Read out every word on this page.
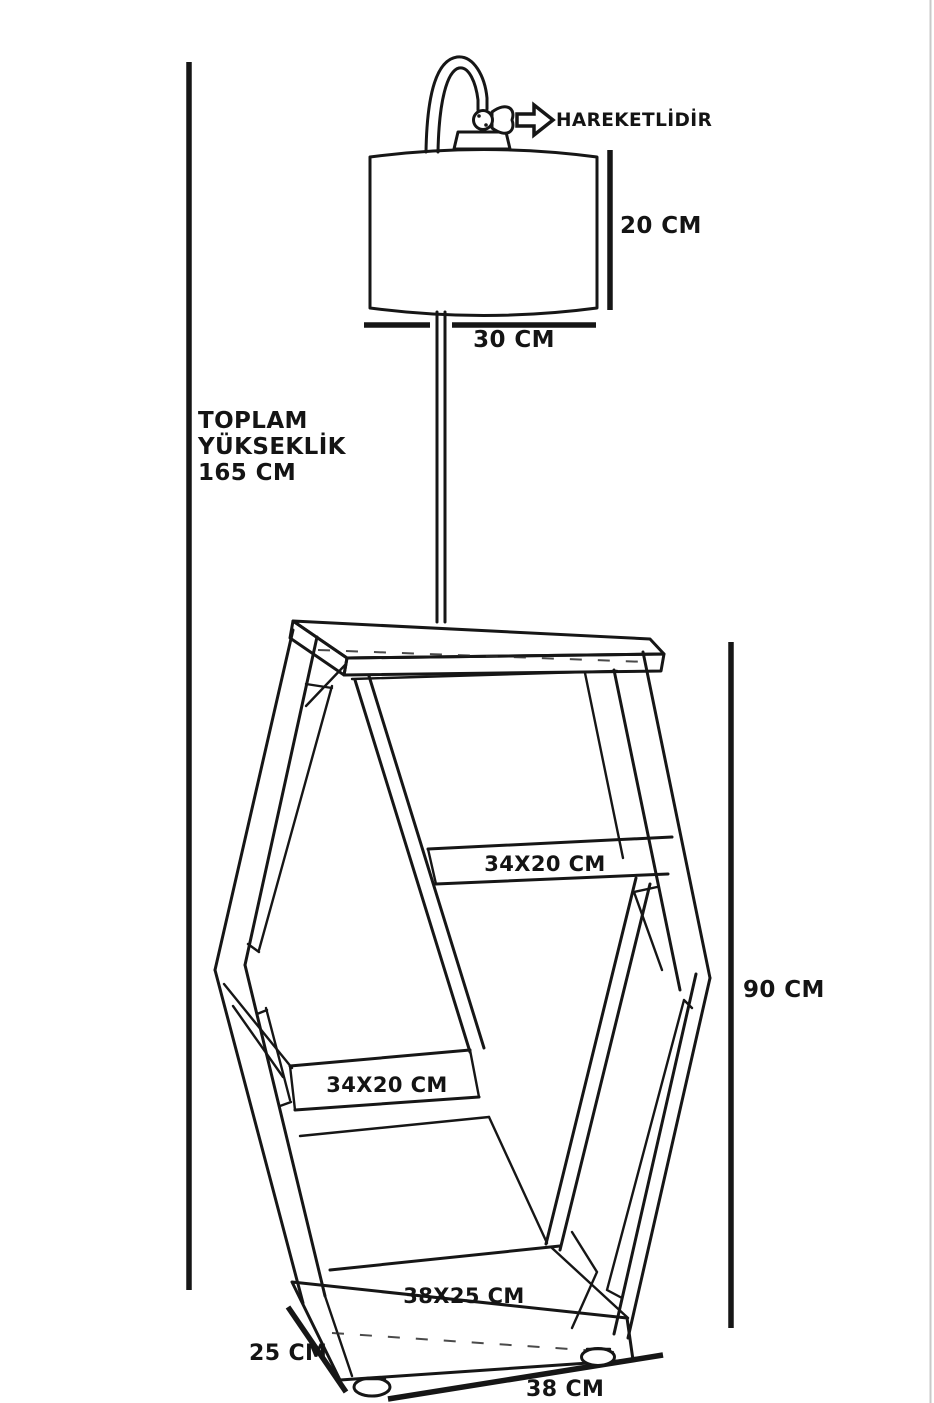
HAREKETLİDİR
20 CM
30 CM
TOPLAM
YÜKSEKLİK
165 CM
34X20 CM
34X20 CM
90 CM
38X25 CM
25 CM
38 CM
